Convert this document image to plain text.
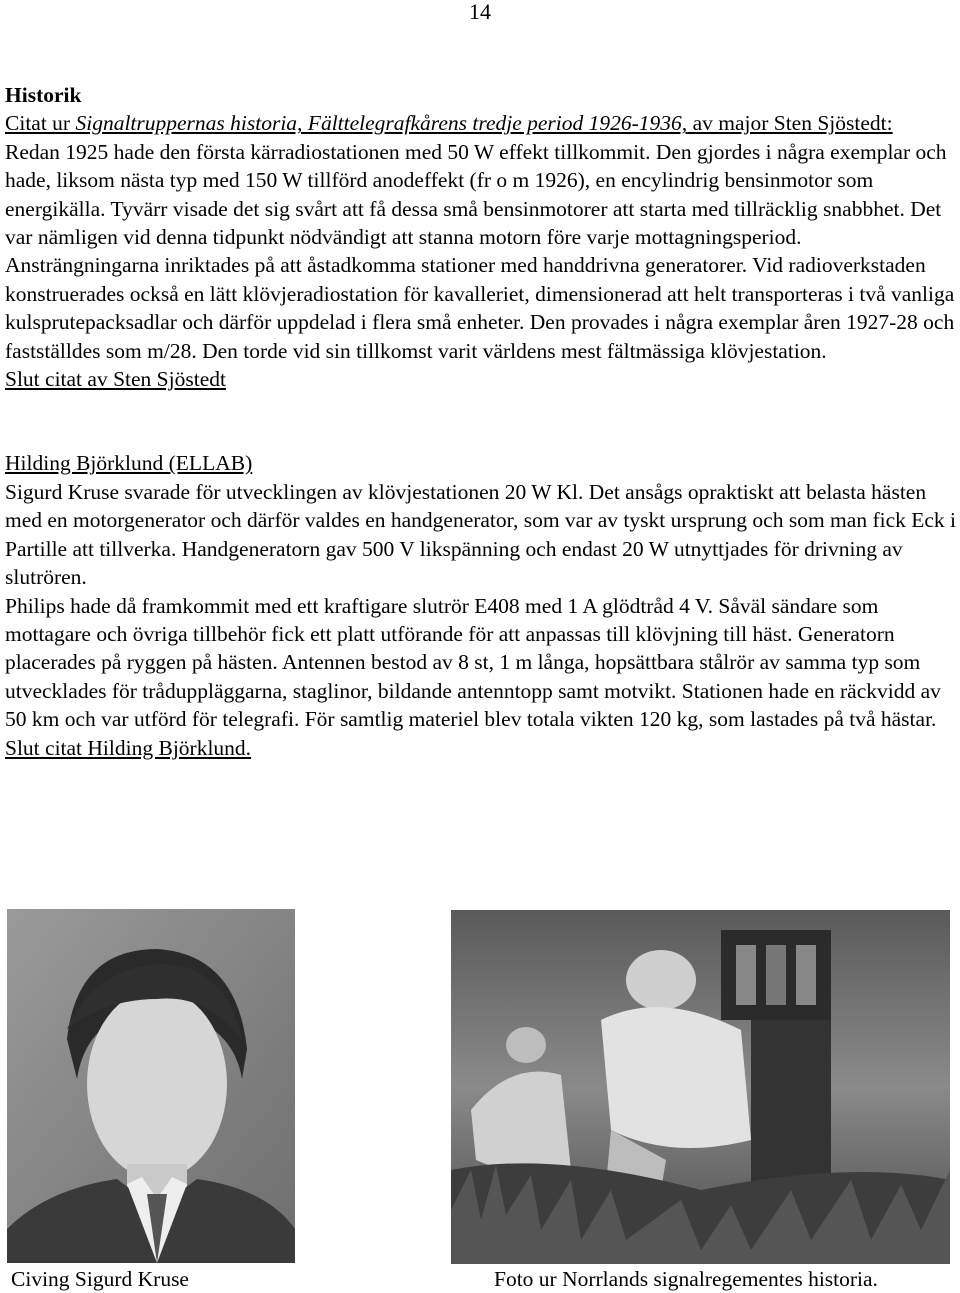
14

Historik

Citat ur Signaltruppernas historia, Fälttelegrafkårens tredje period 1926-1936, av major Sten Sjöstedt:

Redan 1925 hade den första kärradiostationen med 50 W effekt tillkommit. Den gjordes i några exemplar och hade, liksom nästa typ med 150 W tillförd anodeffekt (fr o m 1926), en encylindrig bensinmotor som energikälla. Tyvärr visade det sig svårt att få dessa små bensinmotorer att starta med tillräcklig snabbhet. Det var nämligen vid denna tidpunkt nödvändigt att stanna motorn före varje mottagningsperiod.

Ansträngningarna inriktades på att åstadkomma stationer med handdrivna generatorer. Vid radioverkstaden konstruerades också en lätt klövjeradiostation för kavalleriet, dimensionerad att helt transporteras i två vanliga kulsprutepacksadlar och därför uppdelad i flera små enheter. Den provades i några exemplar åren 1927-28 och fastställdes som m/28. Den torde vid sin tillkomst varit världens mest fältmässiga klövjestation.

Slut citat av Sten Sjöstedt

Hilding Björklund (ELLAB)

Sigurd Kruse svarade för utvecklingen av klövjestationen 20 W Kl. Det ansågs opraktiskt att belasta hästen med en motorgenerator och därför valdes en handgenerator, som var av tyskt ursprung och som man fick Eck i Partille att tillverka. Handgeneratorn gav 500 V likspänning och endast 20 W utnyttjades för drivning av slutrören.

Philips hade då framkommit med ett kraftigare slutrör E408 med 1 A glödtråd 4 V. Såväl sändare som mottagare och övriga tillbehör fick ett platt utförande för att anpassas till klövjning till häst. Generatorn placerades på ryggen på hästen. Antennen bestod av 8 st, 1 m långa, hopsättbara stålrör av samma typ som utvecklades för tråduppläggarna, staglinor, bildande antenntopp samt motvikt. Stationen hade en räckvidd av 50 km och var utförd för telegrafi. För samtlig materiel blev totala vikten 120 kg, som lastades på två hästar.

Slut citat Hilding Björklund.

Civing Sigurd Kruse	Foto ur Norrlands signalregementes historia.
